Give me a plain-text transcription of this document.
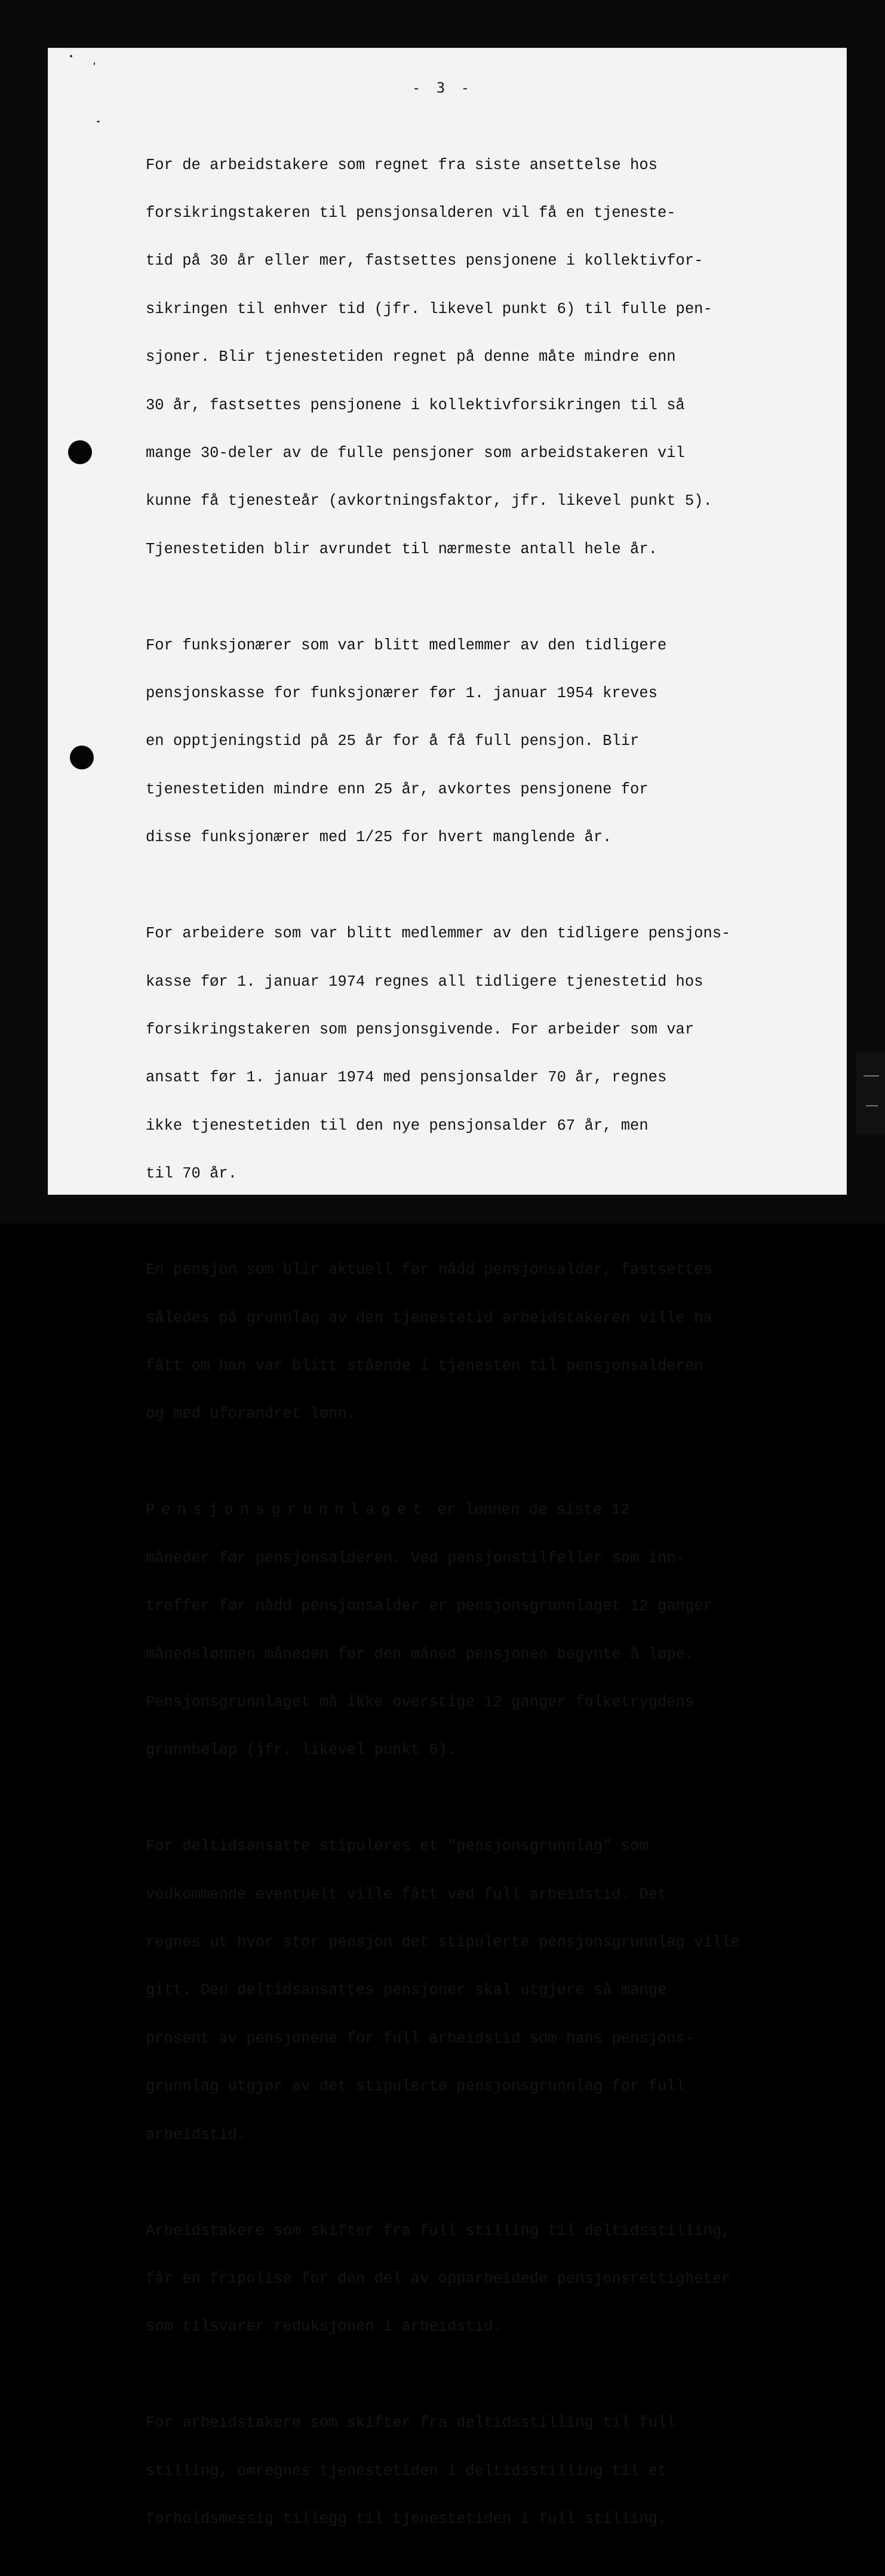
- 3 -

For de arbeidstakere som regnet fra siste ansettelse hos

forsikringstakeren til pensjonsalderen vil få en tjeneste-

tid på 30 år eller mer, fastsettes pensjonene i kollektivfor-

sikringen til enhver tid (jfr. likevel punkt 6) til fulle pen-

sjoner. Blir tjenestetiden regnet på denne måte mindre enn

30 år, fastsettes pensjonene i kollektivforsikringen til så

mange 30-deler av de fulle pensjoner som arbeidstakeren vil

kunne få tjenesteår (avkortningsfaktor, jfr. likevel punkt 5).

Tjenestetiden blir avrundet til nærmeste antall hele år.

For funksjonærer som var blitt medlemmer av den tidligere

pensjonskasse for funksjonærer før 1. januar 1954 kreves

en opptjeningstid på 25 år for å få full pensjon. Blir

tjenestetiden mindre enn 25 år, avkortes pensjonene for

disse funksjonærer med 1/25 for hvert manglende år.

For arbeidere som var blitt medlemmer av den tidligere pensjons-

kasse før 1. januar 1974 regnes all tidligere tjenestetid hos

forsikringstakeren som pensjonsgivende. For arbeider som var

ansatt før 1. januar 1974 med pensjonsalder 70 år, regnes

ikke tjenestetiden til den nye pensjonsalder 67 år, men

til 70 år.

En pensjon som blir aktuell før nådd pensjonsalder, fastsettes

således på grunnlag av den tjenestetid arbeidstakeren ville ha

fått om han var blitt stående i tjenesten til pensjonsalderen

og med uforandret lønn.

Pensjonsgrunnlaget er lønnen de siste 12

måneder før pensjonsalderen. Ved pensjonstilfeller som inn-

treffer før nådd pensjonsalder er pensjonsgrunnlaget 12 ganger

månedslønnen måneden før den måned pensjonen begynte å løpe.

Pensjonsgrunnlaget må ikke overstige 12 ganger folketrygdens

grunnbeløp (jfr. likevel punkt 6).

For deltidsansatte stipuleres et "pensjonsgrunnlag" som

vedkommende eventuelt ville fått ved full arbeidstid. Det

regnes ut hvor stor pensjon det stipulerte pensjonsgrunnlag ville

gitt. Den deltidsansattes pensjoner skal utgjøre så mange

prosent av pensjonene for full arbeidstid som hans pensjons-

grunnlag utgjør av det stipulerte pensjonsgrunnlag for full

arbeidstid.

Arbeidstakere som skifter fra full stilling til deltidsstilling,

får en fripolise for den del av opparbeidede pensjonsrettigheter

som tilsvarer reduksjonen i arbeidstid.

For arbeidstakere som skifter fra deltidsstilling til full

stilling, omregnes tjenestetiden i deltidsstilling til et

forholdsmessig tillegg til tjenestetiden i full stilling.
